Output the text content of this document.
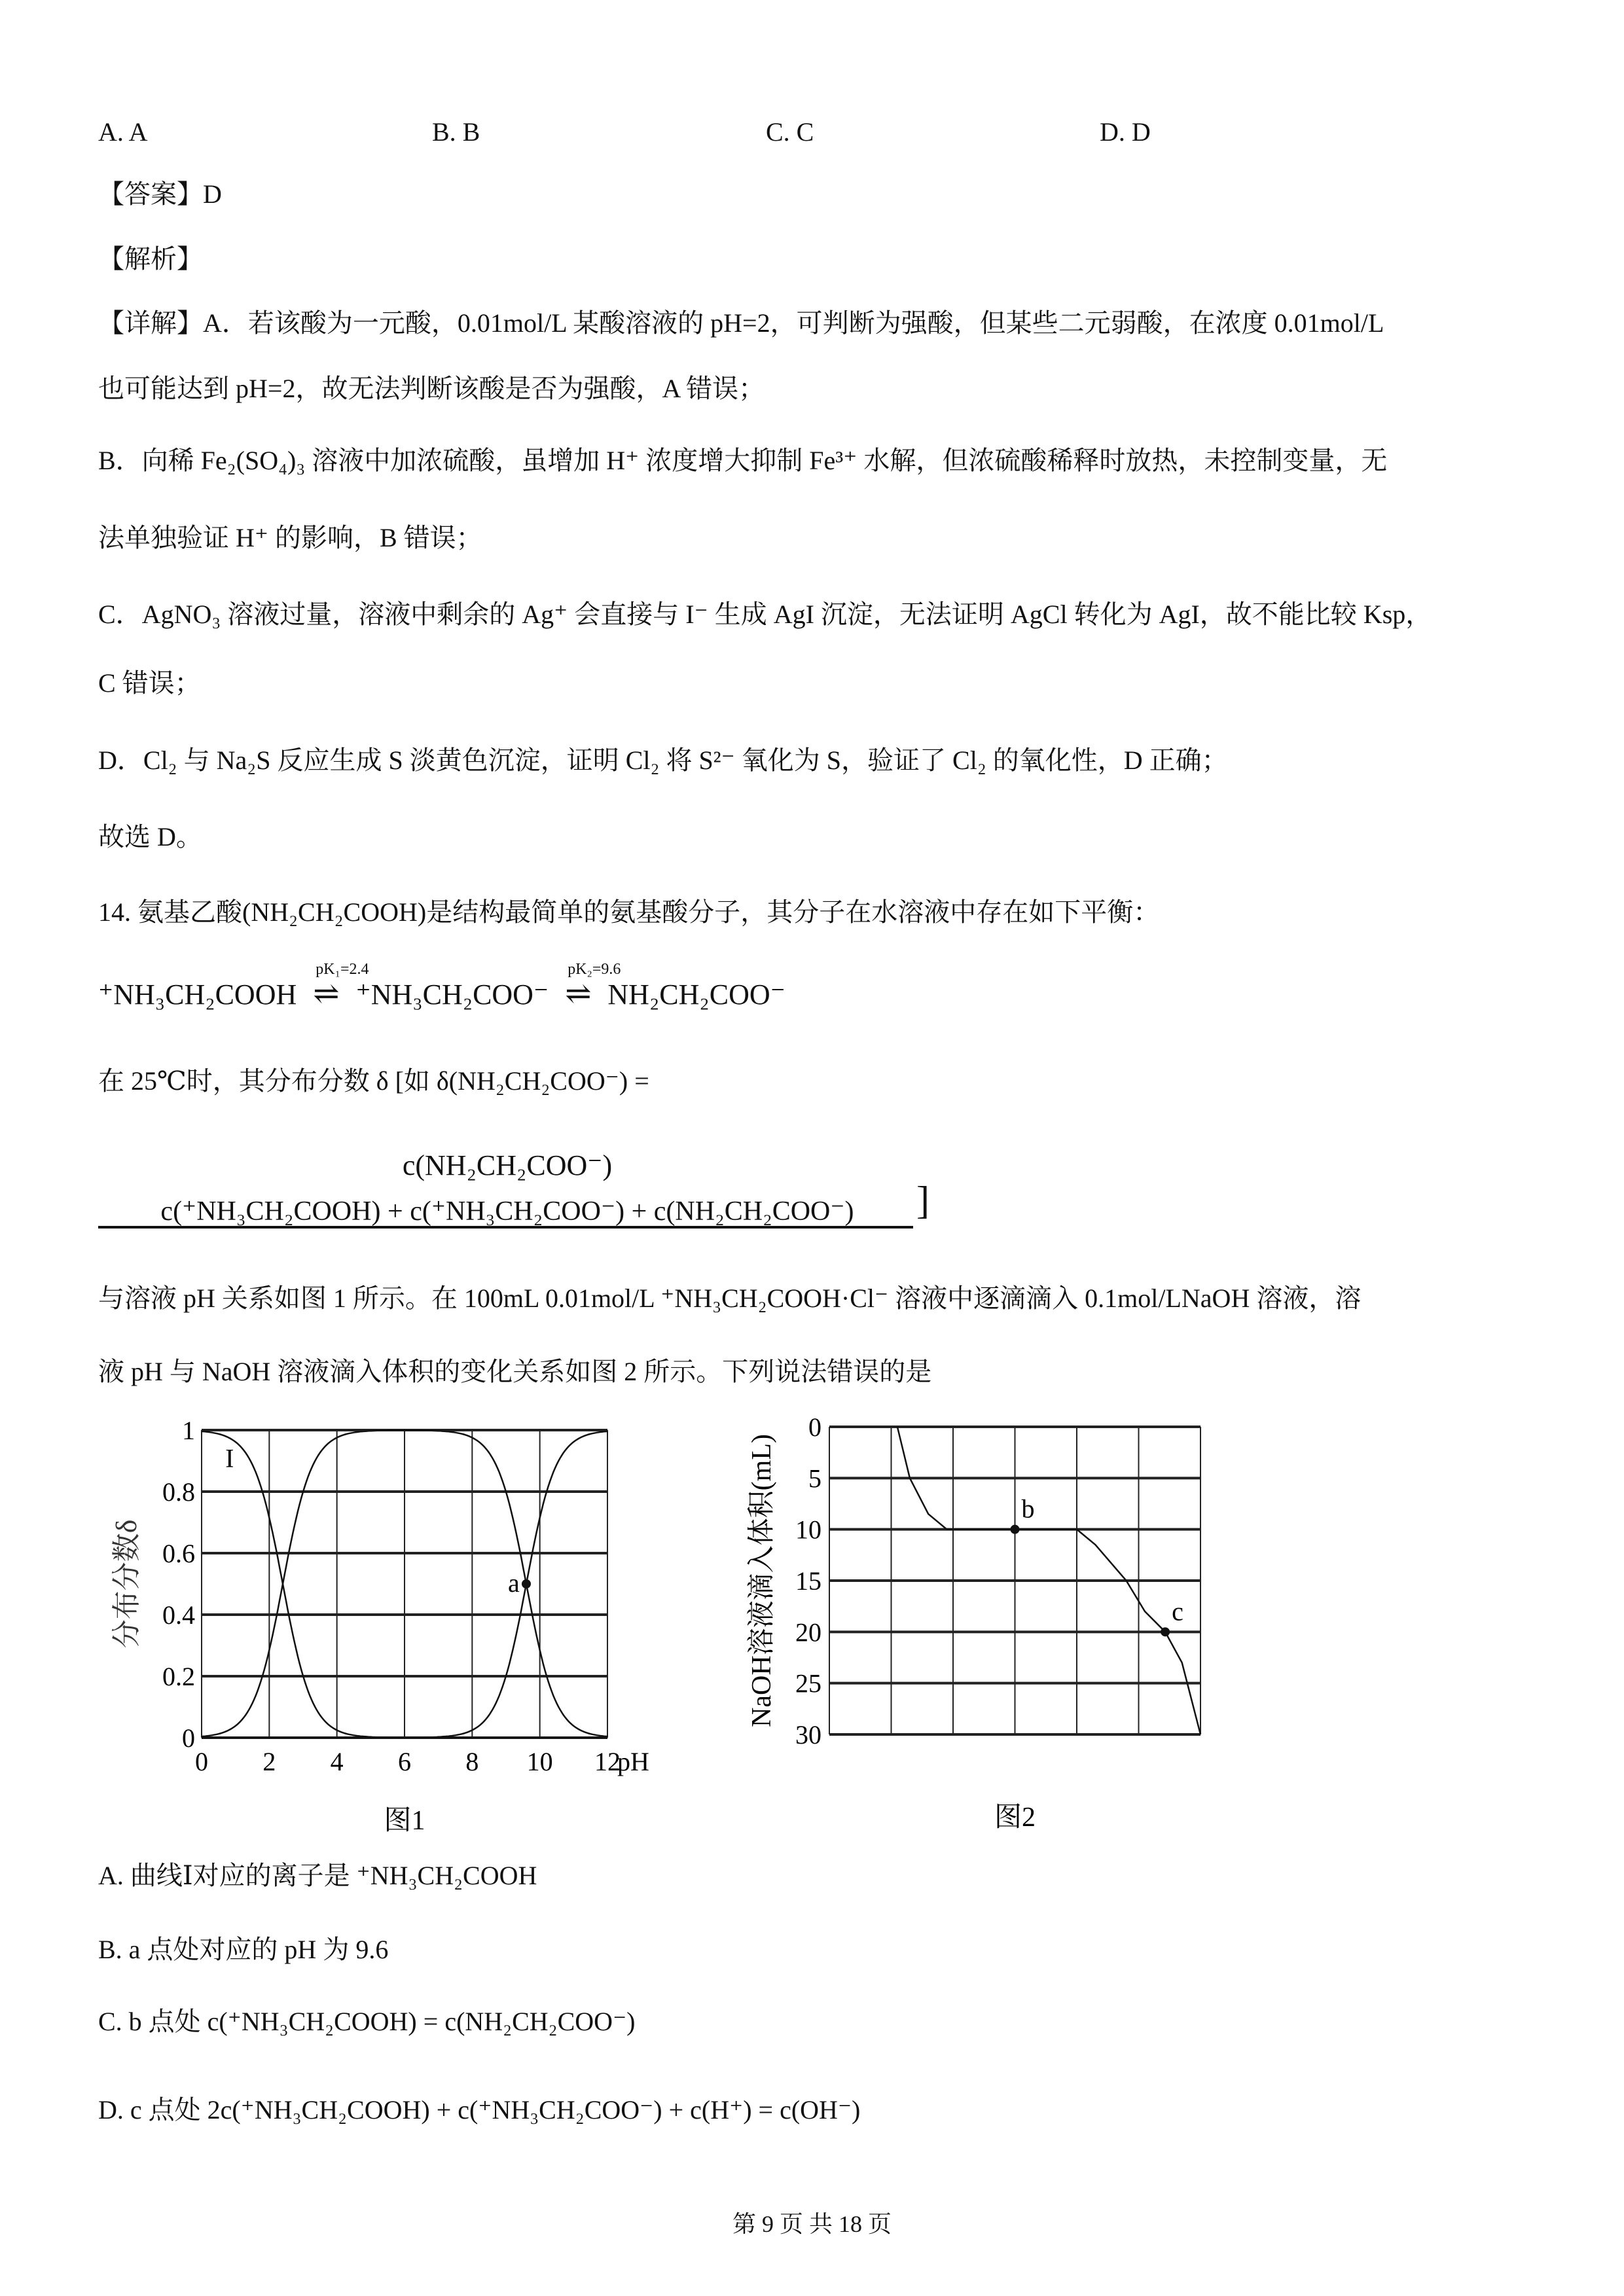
A. A	B. B	C. C	D. D
【答案】D
【解析】
【详解】A．若该酸为一元酸，0.01mol/L 某酸溶液的 pH=2，可判断为强酸，但某些二元弱酸，在浓度 0.01mol/L
也可能达到 pH=2，故无法判断该酸是否为强酸，A 错误；
B．向稀 Fe₂(SO₄)₃ 溶液中加浓硫酸，虽增加 H⁺ 浓度增大抑制 Fe³⁺ 水解，但浓硫酸稀释时放热，未控制变量，无
法单独验证 H⁺ 的影响，B 错误；
C．AgNO₃ 溶液过量，溶液中剩余的 Ag⁺ 会直接与 I⁻ 生成 AgI 沉淀，无法证明 AgCl 转化为 AgI，故不能比较 Ksp，
C 错误；
D．Cl₂ 与 Na₂S 反应生成 S 淡黄色沉淀，证明 Cl₂ 将 S²⁻ 氧化为 S，验证了 Cl₂ 的氧化性，D 正确；
故选 D。
14. 氨基乙酸(NH₂CH₂COOH)是结构最简单的氨基酸分子，其分子在水溶液中存在如下平衡：
⁺NH₃CH₂COOH
pK₁=2.4
⇌ ⁺NH₃CH₂COO⁻
pK₂=9.6
⇌ NH₂CH₂COO⁻
在 25℃时，其分布分数 δ [如 δ(NH₂CH₂COO⁻) =
c(NH₂CH₂COO⁻)
c(⁺NH₃CH₂COOH) + c(⁺NH₃CH₂COO⁻) + c(NH₂CH₂COO⁻)	]
与溶液 pH 关系如图 1 所示。在 100mL 0.01mol/L ⁺NH₃CH₂COOH·Cl⁻ 溶液中逐滴滴入 0.1mol/LNaOH 溶液，溶
液 pH 与 NaOH 溶液滴入体积的变化关系如图 2 所示。下列说法错误的是
0 2 4 6 8 10 12
0
0.2
0.4
0.6
0.8
1
pH
分布分数δ
I
a
图1
0
5
10
15
20
25
30
NaOH溶液滴入体积(mL)	b
c
图2
A. 曲线Ⅰ对应的离子是 ⁺NH₃CH₂COOH
B. a 点处对应的 pH 为 9.6
C. b 点处 c(⁺NH₃CH₂COOH) = c(NH₂CH₂COO⁻)
D. c 点处 2c(⁺NH₃CH₂COOH) + c(⁺NH₃CH₂COO⁻) + c(H⁺) = c(OH⁻)
第 9 页 共 18 页
